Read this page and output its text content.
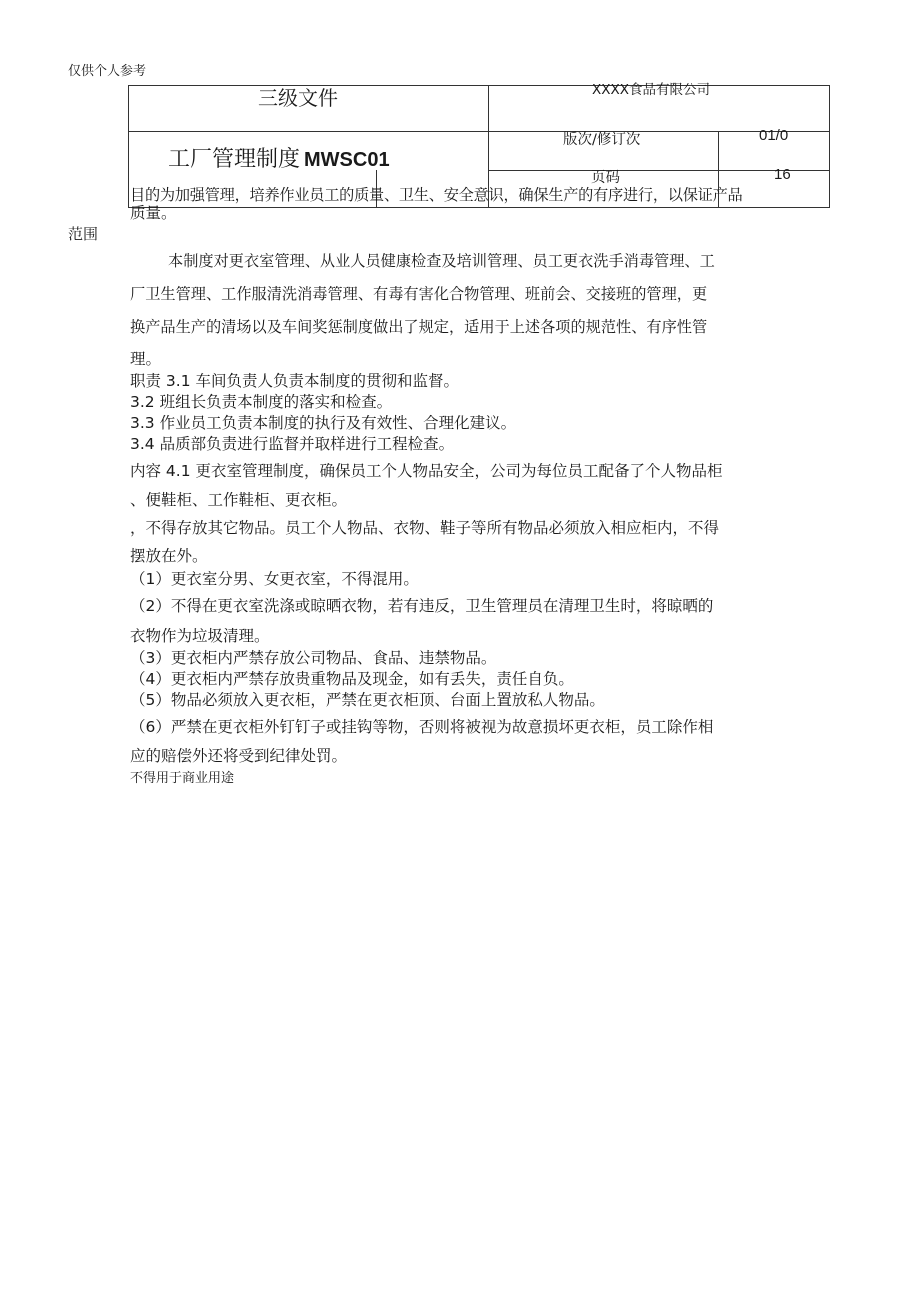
仅供个人参考
三级文件	XXXX食品有限公司
工厂管理制度 MWSC01
版次/修订次	01/0
页码	16
目的为加强管理，培养作业员工的质量、卫生、安全意识，确保生产的有序进行，以保证产品
质量。
范围
本制度对更衣室管理、从业人员健康检查及培训管理、员工更衣洗手消毒管理、工
厂卫生管理、工作服清洗消毒管理、有毒有害化合物管理、班前会、交接班的管理，更
换产品生产的清场以及车间奖惩制度做出了规定，适用于上述各项的规范性、有序性管
理。
职责 3.1 车间负责人负责本制度的贯彻和监督。
3.2 班组长负责本制度的落实和检查。
3.3 作业员工负责本制度的执行及有效性、合理化建议。
3.4 品质部负责进行监督并取样进行工程检查。
内容 4.1 更衣室管理制度，确保员工个人物品安全，公司为每位员工配备了个人物品柜
、便鞋柜、工作鞋柜、更衣柜。
，不得存放其它物品。员工个人物品、衣物、鞋子等所有物品必须放入相应柜内，不得
摆放在外。
（1）更衣室分男、女更衣室，不得混用。
（2）不得在更衣室洗涤或晾晒衣物，若有违反，卫生管理员在清理卫生时，将晾晒的
衣物作为垃圾清理。
（3）更衣柜内严禁存放公司物品、食品、违禁物品。
（4）更衣柜内严禁存放贵重物品及现金，如有丢失，责任自负。
（5）物品必须放入更衣柜，严禁在更衣柜顶、台面上置放私人物品。
（6）严禁在更衣柜外钉钉子或挂钩等物，否则将被视为故意损坏更衣柜，员工除作相
应的赔偿外还将受到纪律处罚。
不得用于商业用途
